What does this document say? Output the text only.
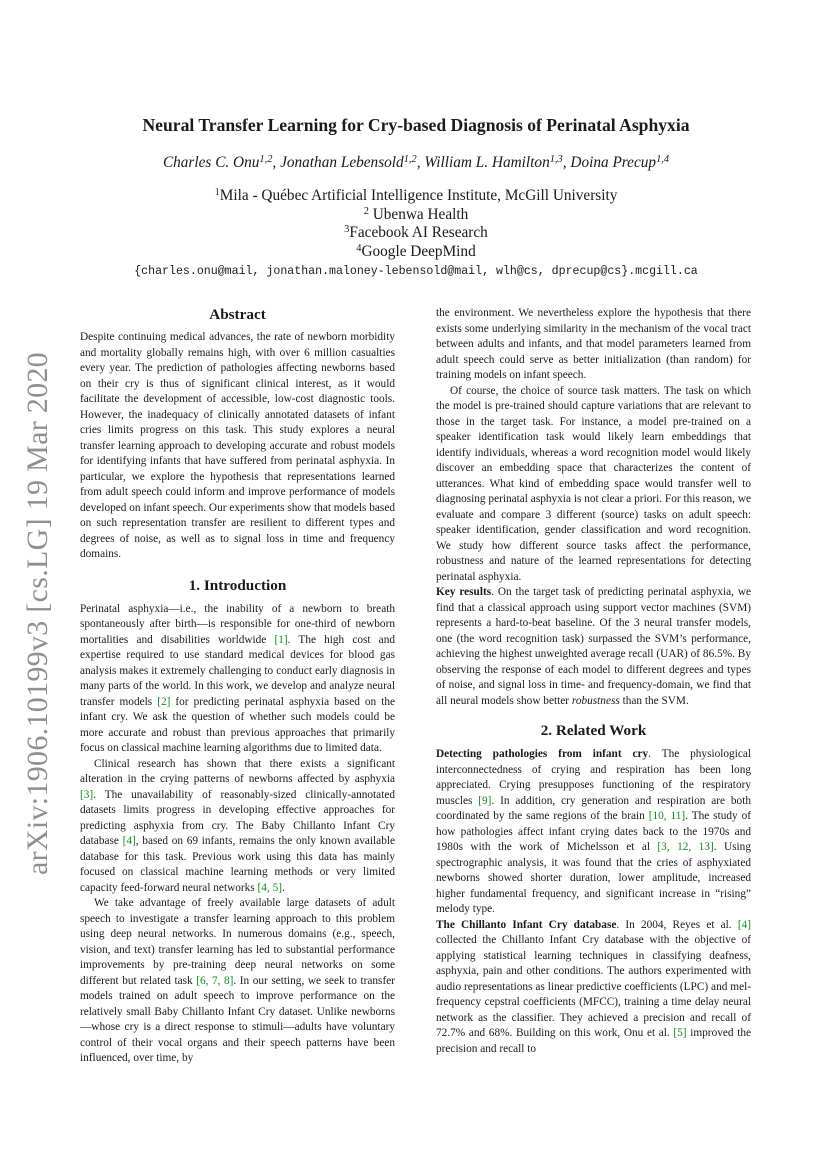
arXiv:1906.10199v3 [cs.LG] 19 Mar 2020
Neural Transfer Learning for Cry-based Diagnosis of Perinatal Asphyxia
Charles C. Onu$^{1,2}$, Jonathan Lebensold$^{1,2}$, William L. Hamilton$^{1,3}$, Doina Precup$^{1,4}$
$^1$Mila - Québec Artificial Intelligence Institute, McGill University
$^2$ Ubenwa Health
$^3$Facebook AI Research
$^4$Google DeepMind
{charles.onu@mail, jonathan.maloney-lebensold@mail, wlh@cs, dprecup@cs}.mcgill.ca
Abstract

Despite continuing medical advances, the rate of newborn morbidity and mortality globally remains high, with over 6 million casualties every year. The prediction of pathologies affecting newborns based on their cry is thus of significant clinical interest, as it would facilitate the development of accessible, low-cost diagnostic tools. However, the inadequacy of clinically annotated datasets of infant cries limits progress on this task. This study explores a neural transfer learning approach to developing accurate and robust models for identifying infants that have suffered from perinatal asphyxia. In particular, we explore the hypothesis that representations learned from adult speech could inform and improve performance of models developed on infant speech. Our experiments show that models based on such representation transfer are resilient to different types and degrees of noise, as well as to signal loss in time and frequency domains.

1. Introduction

Perinatal asphyxia—i.e., the inability of a newborn to breath spontaneously after birth—is responsible for one-third of newborn mortalities and disabilities worldwide [1]. The high cost and expertise required to use standard medical devices for blood gas analysis makes it extremely challenging to conduct early diagnosis in many parts of the world. In this work, we develop and analyze neural transfer models [2] for predicting perinatal asphyxia based on the infant cry. We ask the question of whether such models could be more accurate and robust than previous approaches that primarily focus on classical machine learning algorithms due to limited data.

Clinical research has shown that there exists a significant alteration in the crying patterns of newborns affected by asphyxia [3]. The unavailability of reasonably-sized clinically-annotated datasets limits progress in developing effective approaches for predicting asphyxia from cry. The Baby Chillanto Infant Cry database [4], based on 69 infants, remains the only known available database for this task. Previous work using this data has mainly focused on classical machine learning methods or very limited capacity feed-forward neural networks [4, 5].

We take advantage of freely available large datasets of adult speech to investigate a transfer learning approach to this problem using deep neural networks. In numerous domains (e.g., speech, vision, and text) transfer learning has led to substantial performance improvements by pre-training deep neural networks on some different but related task [6, 7, 8]. In our setting, we seek to transfer models trained on adult speech to improve performance on the relatively small Baby Chillanto Infant Cry dataset. Unlike newborns—whose cry is a direct response to stimuli—adults have voluntary control of their vocal organs and their speech patterns have been influenced, over time, by

the environment. We nevertheless explore the hypothesis that there exists some underlying similarity in the mechanism of the vocal tract between adults and infants, and that model parameters learned from adult speech could serve as better initialization (than random) for training models on infant speech.

Of course, the choice of source task matters. The task on which the model is pre-trained should capture variations that are relevant to those in the target task. For instance, a model pre-trained on a speaker identification task would likely learn embeddings that identify individuals, whereas a word recognition model would likely discover an embedding space that characterizes the content of utterances. What kind of embedding space would transfer well to diagnosing perinatal asphyxia is not clear a priori. For this reason, we evaluate and compare 3 different (source) tasks on adult speech: speaker identification, gender classification and word recognition. We study how different source tasks affect the performance, robustness and nature of the learned representations for detecting perinatal asphyxia.

Key results. On the target task of predicting perinatal asphyxia, we find that a classical approach using support vector machines (SVM) represents a hard-to-beat baseline. Of the 3 neural transfer models, one (the word recognition task) surpassed the SVM’s performance, achieving the highest unweighted average recall (UAR) of 86.5%. By observing the response of each model to different degrees and types of noise, and signal loss in time- and frequency-domain, we find that all neural models show better robustness than the SVM.

2. Related Work

Detecting pathologies from infant cry. The physiological interconnectedness of crying and respiration has been long appreciated. Crying presupposes functioning of the respiratory muscles [9]. In addition, cry generation and respiration are both coordinated by the same regions of the brain [10, 11]. The study of how pathologies affect infant crying dates back to the 1970s and 1980s with the work of Michelsson et al [3, 12, 13]. Using spectrographic analysis, it was found that the cries of asphyxiated newborns showed shorter duration, lower amplitude, increased higher fundamental frequency, and significant increase in “rising” melody type.

The Chillanto Infant Cry database. In 2004, Reyes et al. [4] collected the Chillanto Infant Cry database with the objective of applying statistical learning techniques in classifying deafness, asphyxia, pain and other conditions. The authors experimented with audio representations as linear predictive coefficients (LPC) and mel-frequency cepstral coefficients (MFCC), training a time delay neural network as the classifier. They achieved a precision and recall of 72.7% and 68%. Building on this work, Onu et al. [5] improved the precision and recall to
